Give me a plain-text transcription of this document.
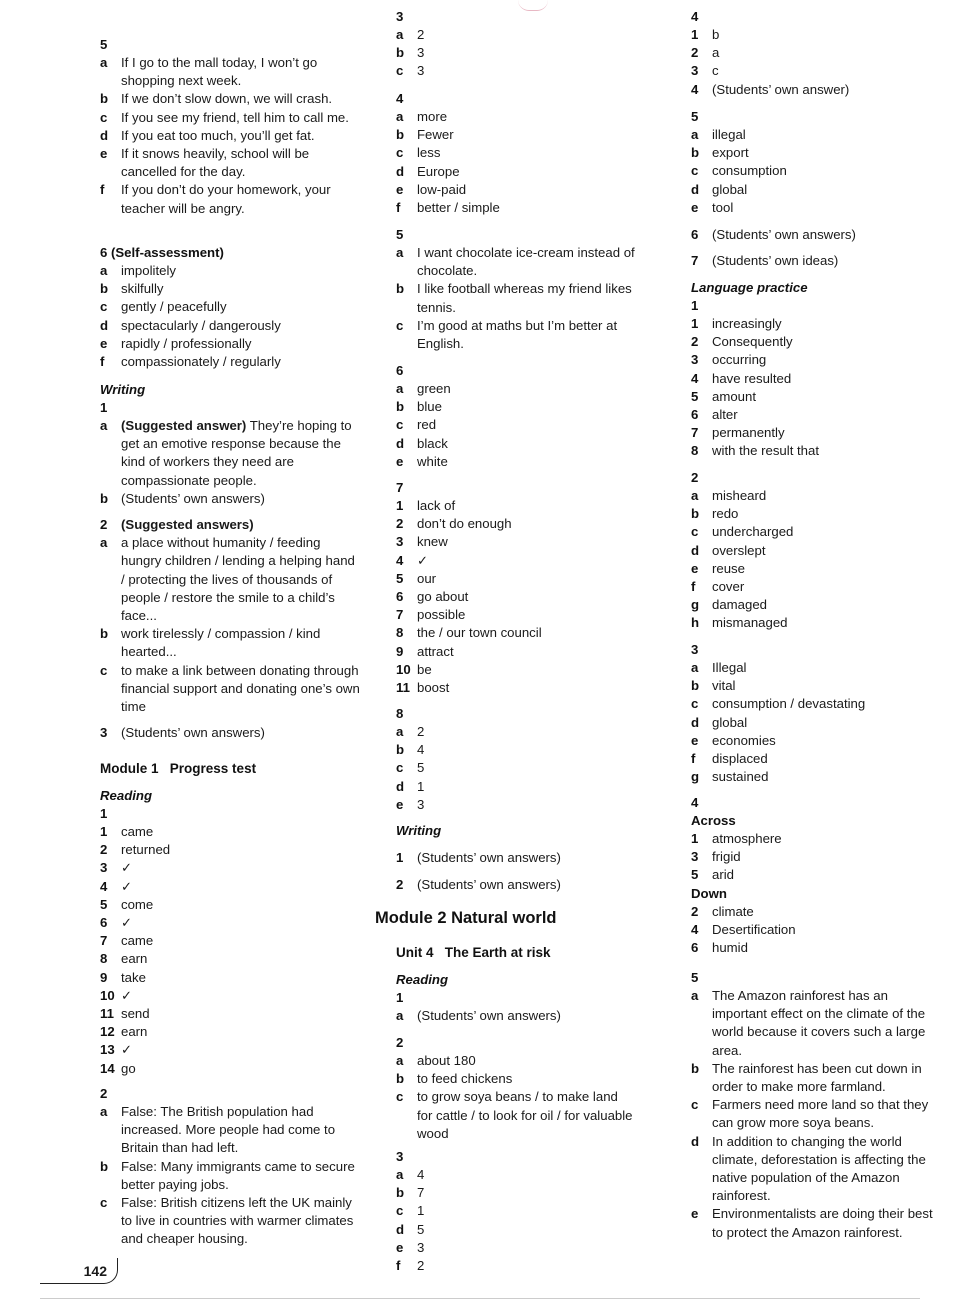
5
a	If I go to the mall today, I won’t go shopping next week.
b If we don’t slow down, we will crash.
c	If you see my friend, tell him to call me.
d If you eat too much, you’ll get fat.
e	If it snows heavily, school will be cancelled for the day.
f	If you don’t do your homework, your teacher will be angry.
6 (Self-assessment)
a	impolitely
b skilfully
c	gently / peacefully
d spectacularly / dangerously
e	rapidly / professionally
f	compassionately / regularly
Writing
1
a	(Suggested answer) They’re hoping to get an emotive response because the kind of workers they need are compassionate people.
b (Students’ own answers)
2	(Suggested answers)
a	a place without humanity / feeding hungry children / lending a helping hand / protecting the lives of thousands of people / restore the smile to a child’s face...
b work tirelessly / compassion / kind hearted...
c	to make a link between donating through financial support and donating one’s own time
3	(Students’ own answers)
Module 1 Progress test
Reading
1
1	came
2	returned
3	✓
4	✓
5	come
6	✓
7	came
8	earn
9	take
10 ✓
11 send
12 earn
13 ✓
14 go
2
a	False: The British population had increased. More people had come to Britain than had left.
b False: Many immigrants came to secure better paying jobs.
c	False: British citizens left the UK mainly to live in countries with warmer climates and cheaper housing.
3
a	2
b 3
c	3
4
a	more
b Fewer
c	less
d Europe
e	low-paid
f	better / simple
5
a	I want chocolate ice-cream instead of chocolate.
b I like football whereas my friend likes tennis.
c	I’m good at maths but I’m better at English.
6
a	green
b blue
c	red
d black
e	white
7
1	lack of
2	don’t do enough
3	knew
4	✓
5	our
6	go about
7	possible
8	the / our town council
9	attract
10 be
11 boost
8
a	2
b 4
c	5
d 1
e	3
Writing
1	(Students’ own answers)
2	(Students’ own answers)
Module 2 Natural world
Unit 4 The Earth at risk
Reading
1
a	(Students’ own answers)
2
a	about 180
b to feed chickens
c	to grow soya beans / to make land for cattle / to look for oil / for valuable wood
3
a	4
b 7
c	1
d 5
e	3
f	2
4
1	b
2	a
3	c
4	(Students’ own answer)
5
a	illegal
b export
c	consumption
d global
e	tool
6	(Students’ own answers)
7	(Students’ own ideas)
Language practice
1
1	increasingly
2	Consequently
3	occurring
4	have resulted
5	amount
6	alter
7	permanently
8	with the result that
2
a	misheard
b redo
c	undercharged
d overslept
e	reuse
f	cover
g damaged
h mismanaged
3
a	Illegal
b vital
c	consumption / devastating
d global
e	economies
f	displaced
g sustained
4
Across
1	atmosphere
3	frigid
5	arid
Down
2	climate
4	Desertification
6	humid
5
a	The Amazon rainforest has an important effect on the climate of the world because it covers such a large area.
b The rainforest has been cut down in order to make more farmland.
c	Farmers need more land so that they can grow more soya beans.
d In addition to changing the world climate, deforestation is affecting the native population of the Amazon rainforest.
e	Environmentalists are doing their best to protect the Amazon rainforest.
142
